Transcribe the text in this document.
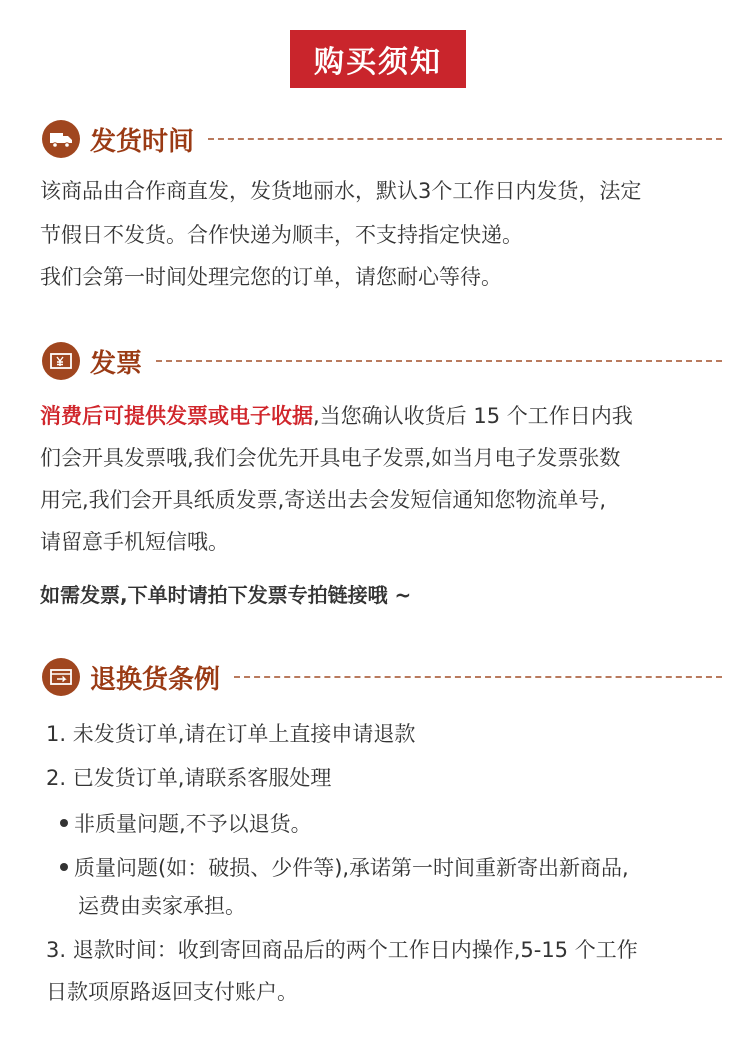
购买须知
发货时间
该商品由合作商直发，发货地丽水，默认3个工作日内发货，法定
节假日不发货。合作快递为顺丰，不支持指定快递。
我们会第一时间处理完您的订单，请您耐心等待。
发票
消费后可提供发票或电子收据,当您确认收货后 15 个工作日内我
们会开具发票哦,我们会优先开具电子发票,如当月电子发票张数
用完,我们会开具纸质发票,寄送出去会发短信通知您物流单号,
请留意手机短信哦。
如需发票,下单时请拍下发票专拍链接哦 ~
退换货条例
1. 未发货订单,请在订单上直接申请退款
2. 已发货订单,请联系客服处理
非质量问题,不予以退货。
质量问题(如：破损、少件等),承诺第一时间重新寄出新商品,
运费由卖家承担。
3. 退款时间：收到寄回商品后的两个工作日内操作,5-15 个工作
日款项原路返回支付账户。
